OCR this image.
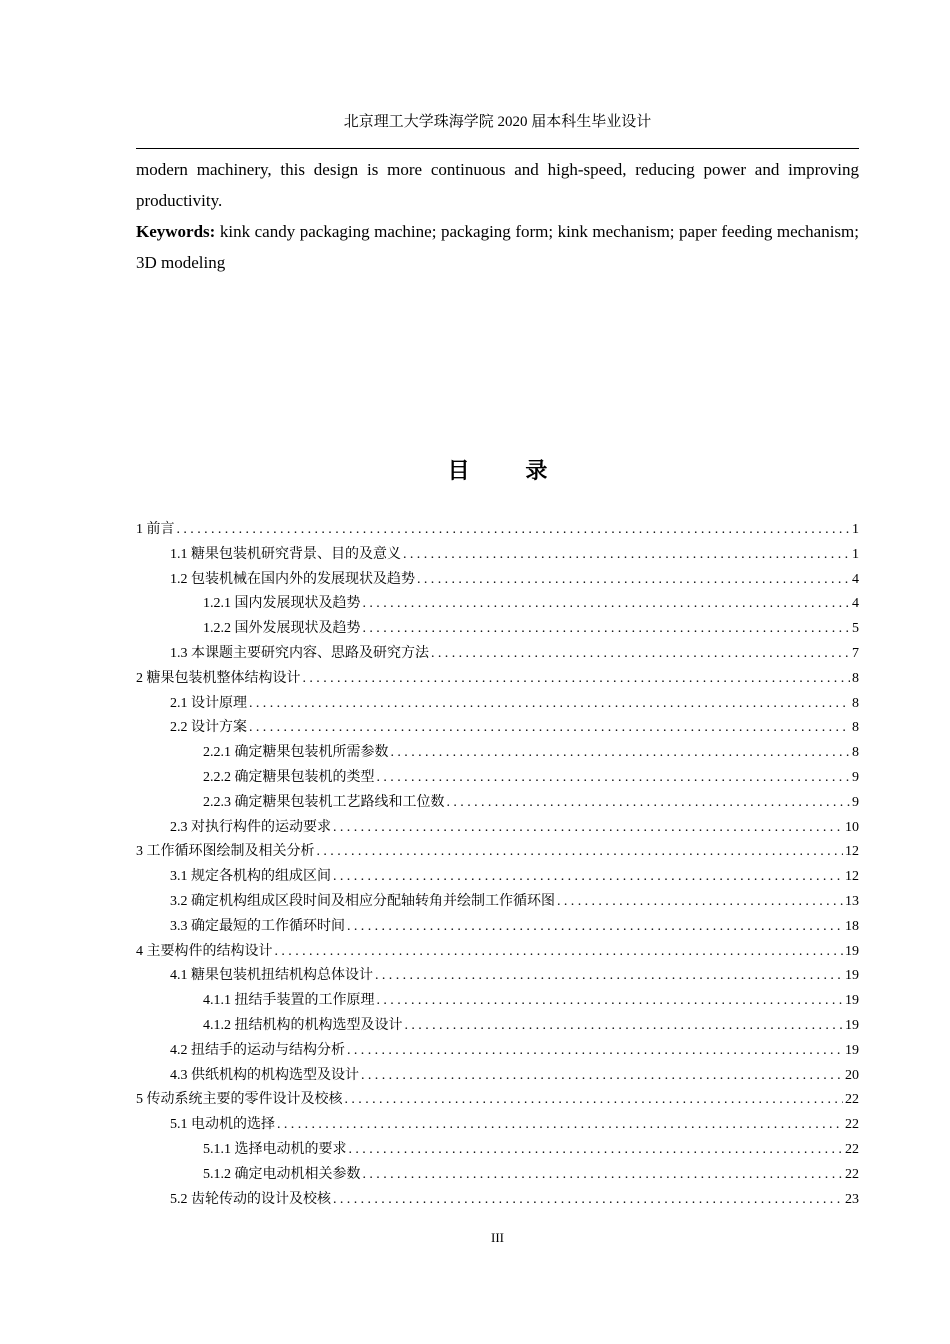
北京理工大学珠海学院 2020 届本科生毕业设计

modern machinery, this design is more continuous and high-speed, reducing power and improving productivity.

Keywords: kink candy packaging machine; packaging form; kink mechanism; paper feeding mechanism; 3D modeling

目 录
1 前言 .....	1
1.1 糖果包装机研究背景、目的及意义 .....	1
1.2 包装机械在国内外的发展现状及趋势 .....	4
1.2.1 国内发展现状及趋势 .....	4
1.2.2 国外发展现状及趋势 .....	5
1.3 本课题主要研究内容、思路及研究方法 .....	7
2 糖果包装机整体结构设计 .....	8
2.1 设计原理 .....	8
2.2 设计方案 .....	8
2.2.1 确定糖果包装机所需参数 .....	8
2.2.2 确定糖果包装机的类型 .....	9
2.2.3 确定糖果包装机工艺路线和工位数 .....	9
2.3 对执行构件的运动要求 .....	10
3 工作循环图绘制及相关分析 .....	12
3.1 规定各机构的组成区间 .....	12
3.2 确定机构组成区段时间及相应分配轴转角并绘制工作循环图 .....	13
3.3 确定最短的工作循环时间 .....	18
4 主要构件的结构设计 .....	19
4.1 糖果包装机扭结机构总体设计 .....	19
4.1.1 扭结手装置的工作原理 .....	19
4.1.2 扭结机构的机构选型及设计 .....	19
4.2 扭结手的运动与结构分析 .....	19
4.3 供纸机构的机构选型及设计 .....	20
5 传动系统主要的零件设计及校核 .....	22
5.1 电动机的选择 .....	22
5.1.1 选择电动机的要求 .....	22
5.1.2 确定电动机相关参数 .....	22
5.2 齿轮传动的设计及校核 .....	23
III
